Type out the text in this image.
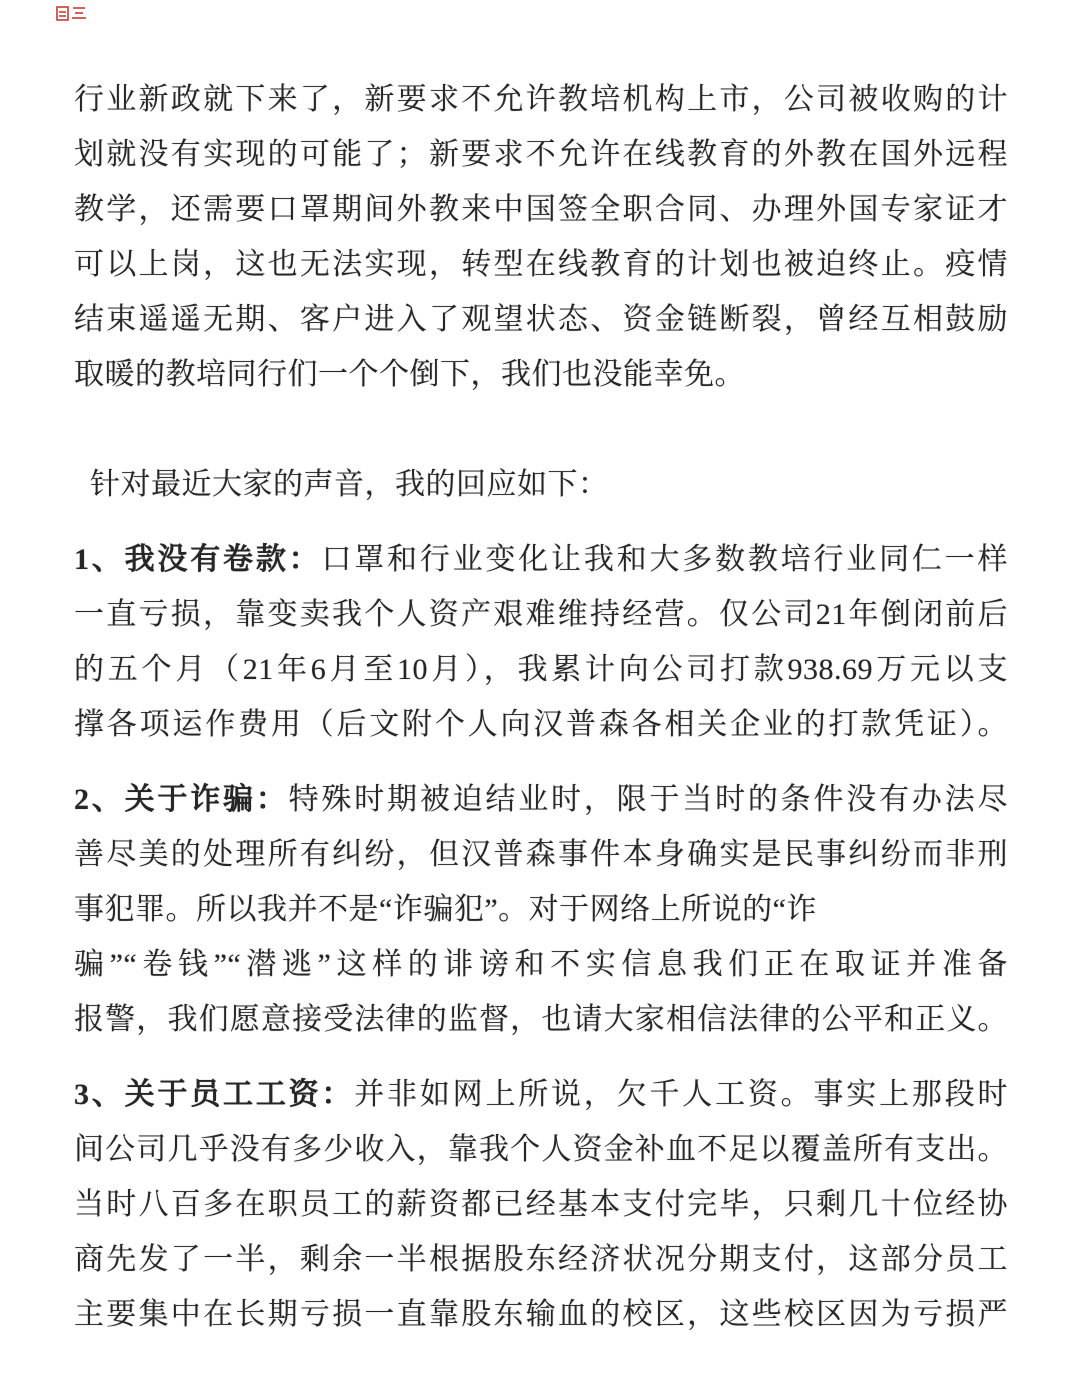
行业新政就下来了，新要求不允许教培机构上市，公司被收购的计
划就没有实现的可能了；新要求不允许在线教育的外教在国外远程
教学，还需要口罩期间外教来中国签全职合同、办理外国专家证才
可以上岗，这也无法实现，转型在线教育的计划也被迫终止。疫情
结束遥遥无期、客户进入了观望状态、资金链断裂，曾经互相鼓励
取暖的教培同行们一个个倒下，我们也没能幸免。
针对最近大家的声音，我的回应如下：
1、我没有卷款：口罩和行业变化让我和大多数教培行业同仁一样
一直亏损，靠变卖我个人资产艰难维持经营。仅公司21年倒闭前后
的五个月（21年6月至10月），我累计向公司打款938.69万元以支
撑各项运作费用（后文附个人向汉普森各相关企业的打款凭证）。
2、关于诈骗：特殊时期被迫结业时，限于当时的条件没有办法尽
善尽美的处理所有纠纷，但汉普森事件本身确实是民事纠纷而非刑
事犯罪。所以我并不是“诈骗犯”。对于网络上所说的“诈
骗”“卷钱”“潜逃”这样的诽谤和不实信息我们正在取证并准备
报警，我们愿意接受法律的监督，也请大家相信法律的公平和正义。
3、关于员工工资：并非如网上所说，欠千人工资。事实上那段时
间公司几乎没有多少收入，靠我个人资金补血不足以覆盖所有支出。
当时八百多在职员工的薪资都已经基本支付完毕，只剩几十位经协
商先发了一半，剩余一半根据股东经济状况分期支付，这部分员工
主要集中在长期亏损一直靠股东输血的校区，这些校区因为亏损严
